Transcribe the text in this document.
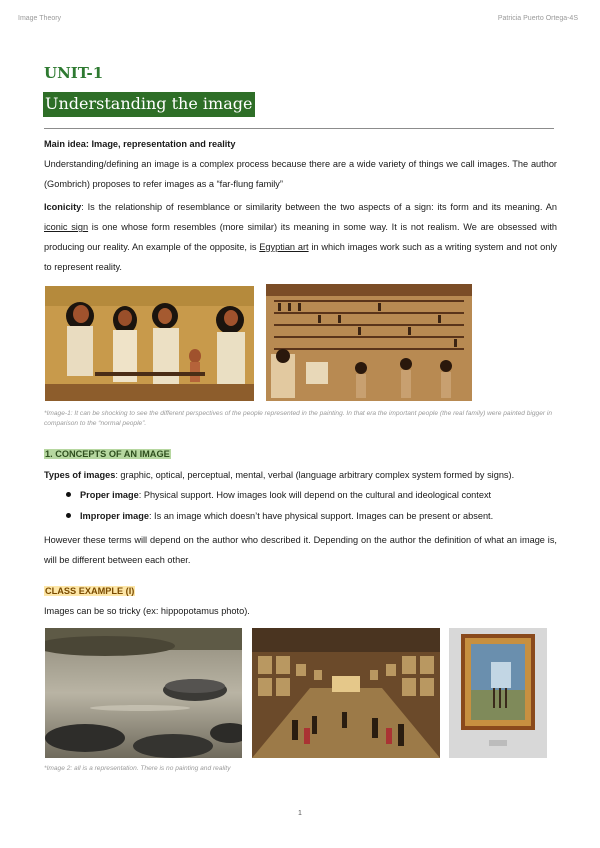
Image Theory	Patricia Puerto Ortega-4S
UNIT-1
Understanding the image
Main idea: Image, representation and reality
Understanding/defining an image is a complex process because there are a wide variety of things we call images. The author (Gombrich) proposes to refer images as a “far-flung family”
Iconicity: Is the relationship of resemblance or similarity between the two aspects of a sign: its form and its meaning. An iconic sign is one whose form resembles (more similar) its meaning in some way. It is not realism. We are obsessed with producing our reality. An example of the opposite, is Egyptian art in which images work such as a writing system and not only to represent reality.
*Image-1: It can be shocking to see the different perspectives of the people represented in the painting. In that era the important people (the real family) were painted bigger in comparison to the “normal people”.
1. CONCEPTS OF AN IMAGE
Types of images: graphic, optical, perceptual, mental, verbal (language arbitrary complex system formed by signs).
Proper image: Physical support. How images look will depend on the cultural and ideological context
Improper image: Is an image which doesn’t have physical support. Images can be present or absent.
However these terms will depend on the author who described it. Depending on the author the definition of what an image is, will be different between each other.
CLASS EXAMPLE (I)
Images can be so tricky (ex: hippopotamus photo).
*Image 2: all is a representation. There is no painting and reality
1
